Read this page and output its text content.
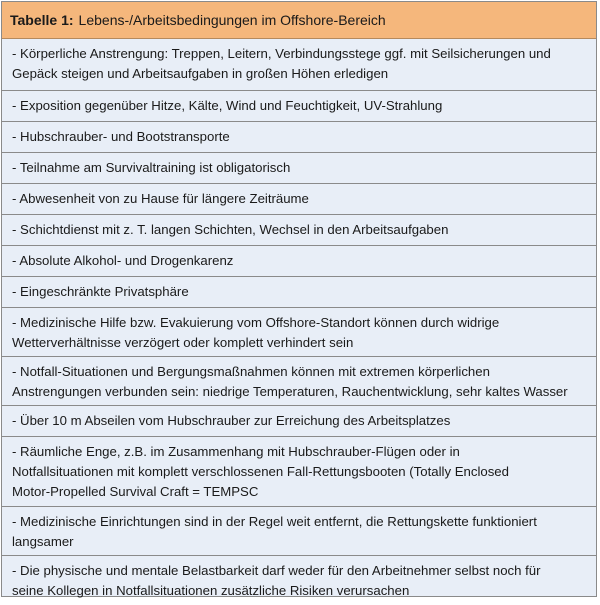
Tabelle 1: Lebens-/Arbeitsbedingungen im Offshore-Bereich
- Körperliche Anstrengung: Treppen, Leitern, Verbindungsstege ggf. mit Seilsicherungen und
Gepäck steigen und Arbeitsaufgaben in großen Höhen erledigen
- Exposition gegenüber Hitze, Kälte, Wind und Feuchtigkeit, UV-Strahlung
- Hubschrauber- und Bootstransporte
- Teilnahme am Survivaltraining ist obligatorisch
- Abwesenheit von zu Hause für längere Zeiträume
- Schichtdienst mit z. T. langen Schichten, Wechsel in den Arbeitsaufgaben
- Absolute Alkohol- und Drogenkarenz
- Eingeschränkte Privatsphäre
- Medizinische Hilfe bzw. Evakuierung vom Offshore-Standort können durch widrige
Wetterverhältnisse verzögert oder komplett verhindert sein
- Notfall-Situationen und Bergungsmaßnahmen können mit extremen körperlichen
Anstrengungen verbunden sein: niedrige Temperaturen, Rauchentwicklung, sehr kaltes Wasser
- Über 10 m Abseilen vom Hubschrauber zur Erreichung des Arbeitsplatzes
- Räumliche Enge, z.B. im Zusammenhang mit Hubschrauber-Flügen oder in
Notfallsituationen mit komplett verschlossenen Fall-Rettungsbooten (Totally Enclosed
Motor-Propelled Survival Craft = TEMPSC
- Medizinische Einrichtungen sind in der Regel weit entfernt, die Rettungskette funktioniert
langsamer
- Die physische und mentale Belastbarkeit darf weder für den Arbeitnehmer selbst noch für
seine Kollegen in Notfallsituationen zusätzliche Risiken verursachen
